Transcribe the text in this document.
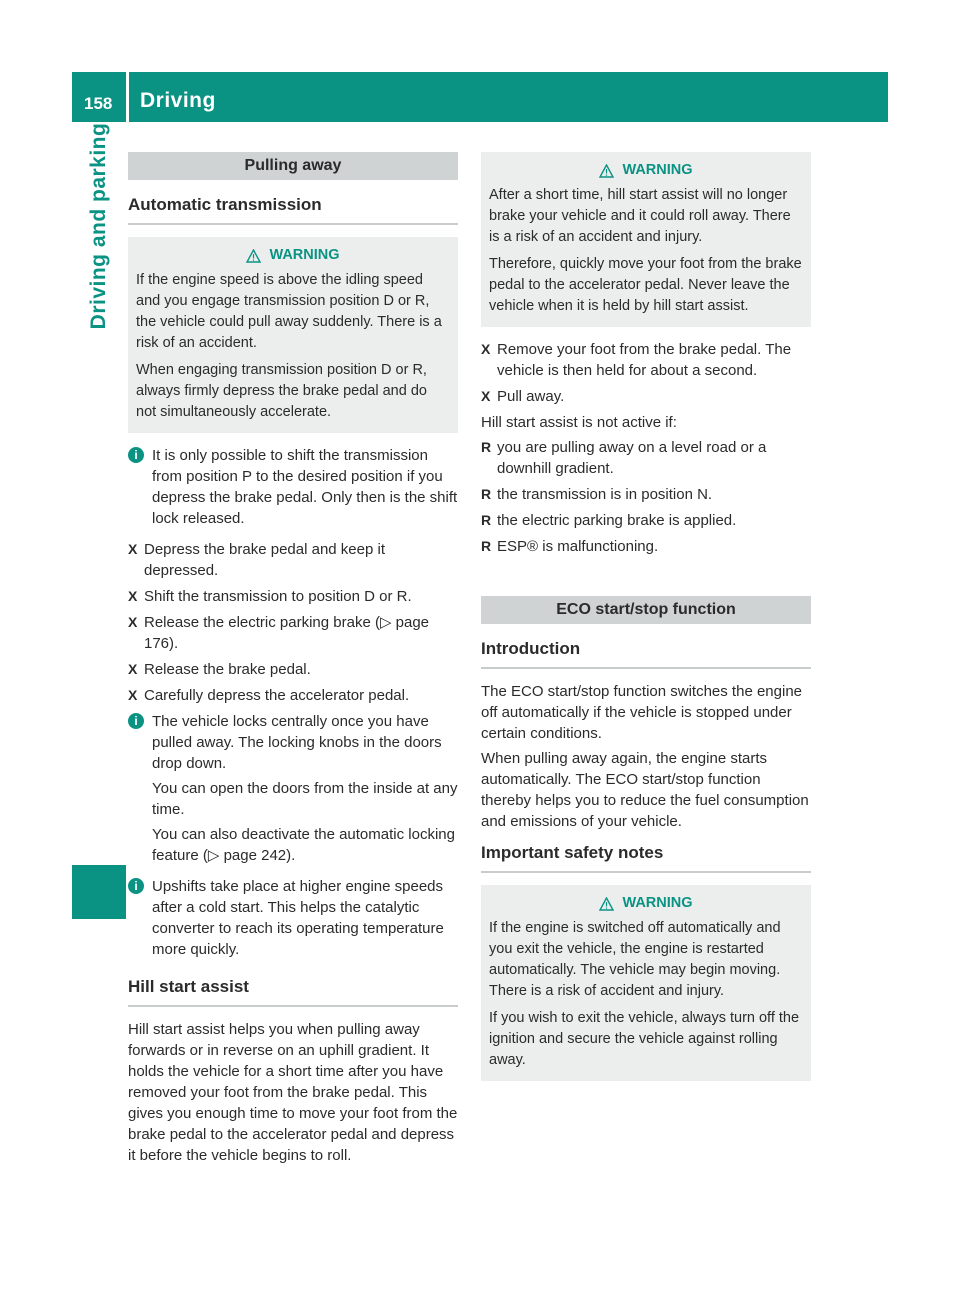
158 Driving
Driving and parking	Pulling away
Automatic transmission
WARNING

If the engine speed is above the idling speed and you engage transmission position D or R, the vehicle could pull away suddenly. There is a risk of an accident.

When engaging transmission position D or R, always firmly depress the brake pedal and do not simultaneously accelerate.

i It is only possible to shift the transmission from position P to the desired position if you depress the brake pedal. Only then is the shift lock released.

X Depress the brake pedal and keep it depressed.
X Shift the transmission to position D or R.
X Release the electric parking brake (▷ page 176).
X Release the brake pedal.
X Carefully depress the accelerator pedal.
i The vehicle locks centrally once you have pulled away. The locking knobs in the doors drop down.

You can open the doors from the inside at any time.

You can also deactivate the automatic locking feature (▷ page 242).

i Upshifts take place at higher engine speeds after a cold start. This helps the catalytic converter to reach its operating temperature more quickly.

Hill start assist

Hill start assist helps you when pulling away forwards or in reverse on an uphill gradient. It holds the vehicle for a short time after you have removed your foot from the brake pedal. This gives you enough time to move your foot from the brake pedal to the accelerator pedal and depress it before the vehicle begins to roll.

WARNING

After a short time, hill start assist will no longer brake your vehicle and it could roll away. There is a risk of an accident and injury.

Therefore, quickly move your foot from the brake pedal to the accelerator pedal. Never leave the vehicle when it is held by hill start assist.

X Remove your foot from the brake pedal. The vehicle is then held for about a second.
X Pull away.

Hill start assist is not active if:

R you are pulling away on a level road or a downhill gradient.
R the transmission is in position N.
R the electric parking brake is applied.
R ESP® is malfunctioning.
ECO start/stop function
Introduction

The ECO start/stop function switches the engine off automatically if the vehicle is stopped under certain conditions.

When pulling away again, the engine starts automatically. The ECO start/stop function thereby helps you to reduce the fuel consumption and emissions of your vehicle.

Important safety notes
WARNING

If the engine is switched off automatically and you exit the vehicle, the engine is restarted automatically. The vehicle may begin moving. There is a risk of accident and injury.

If you wish to exit the vehicle, always turn off the ignition and secure the vehicle against rolling away.
